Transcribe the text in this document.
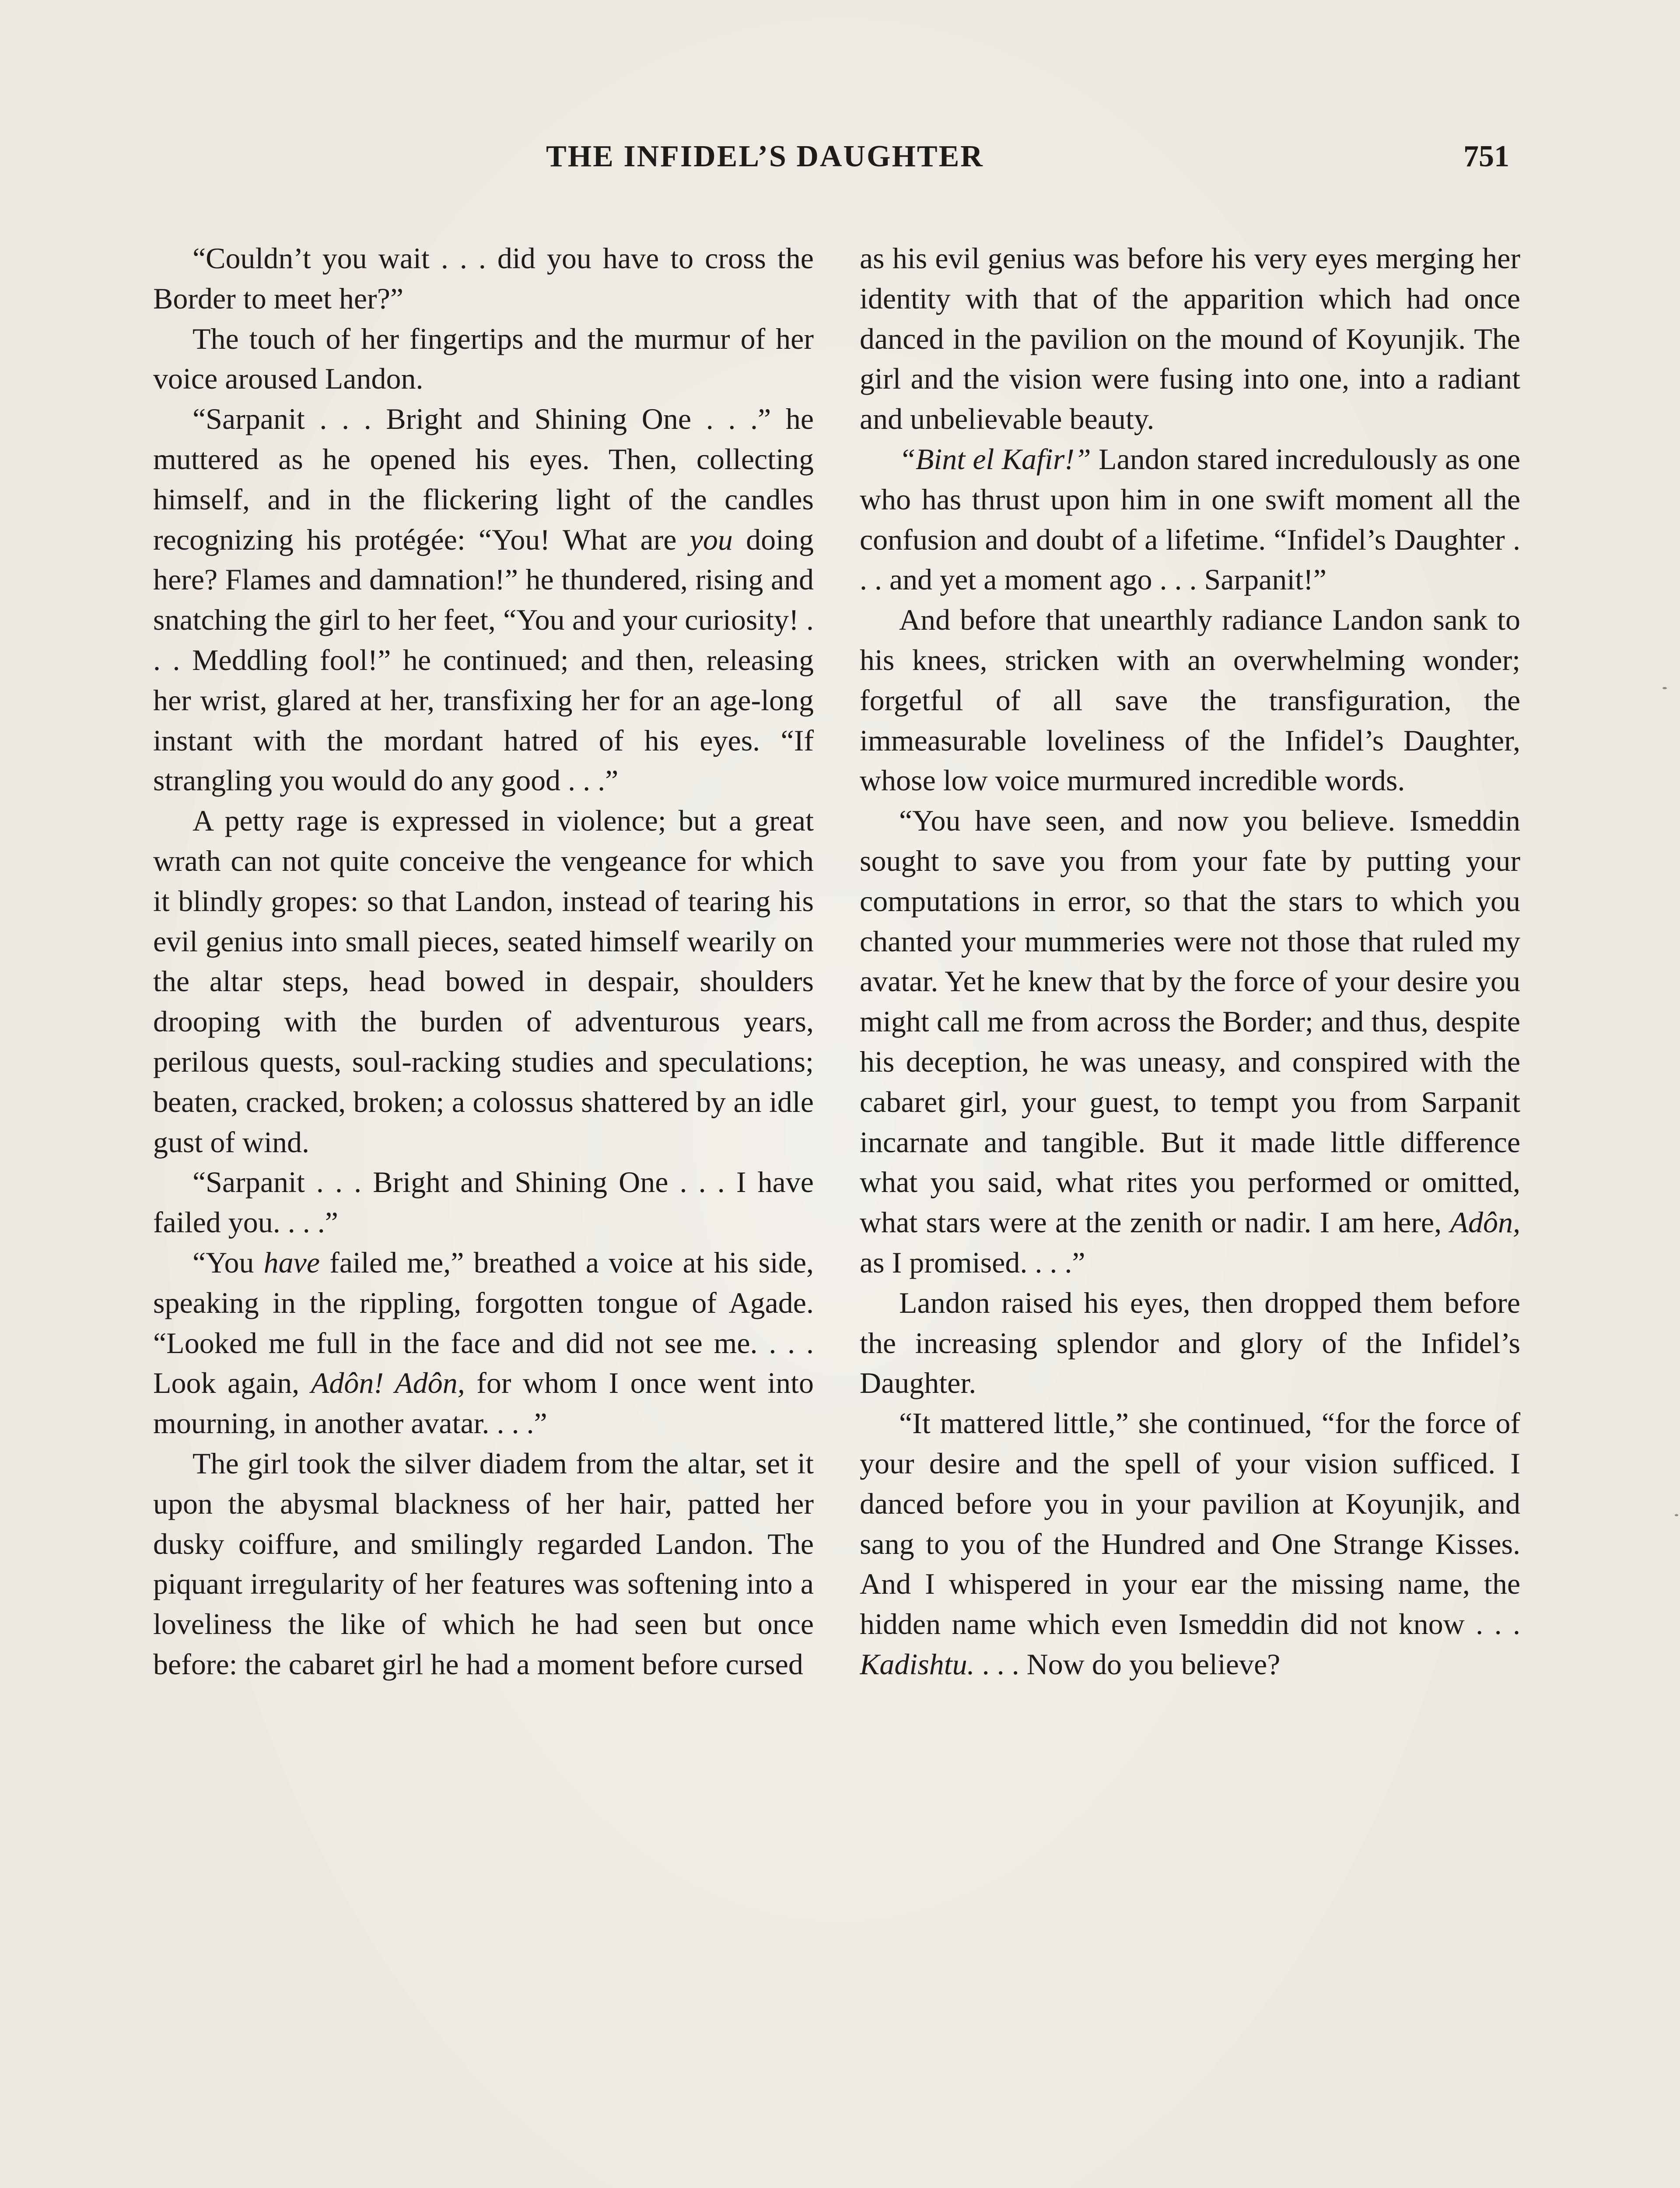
THE INFIDEL’S DAUGHTER	751

“Couldn’t you wait . . . did you have to cross the Border to meet her?”

The touch of her fingertips and the murmur of her voice aroused Landon.

“Sarpanit . . . Bright and Shining One . . .” he muttered as he opened his eyes. Then, collecting himself, and in the flickering light of the candles recognizing his protégée: “You! What are you doing here? Flames and damnation!” he thundered, rising and snatching the girl to her feet, “You and your curiosity! . . . Meddling fool!” he continued; and then, releasing her wrist, glared at her, transfixing her for an age-long instant with the mordant hatred of his eyes. “If strangling you would do any good . . .”

A petty rage is expressed in violence; but a great wrath can not quite conceive the vengeance for which it blindly gropes: so that Landon, instead of tearing his evil genius into small pieces, seated himself wearily on the altar steps, head bowed in despair, shoulders drooping with the burden of adventurous years, perilous quests, soul-racking studies and speculations; beaten, cracked, broken; a colossus shattered by an idle gust of wind.

“Sarpanit . . . Bright and Shining One . . . I have failed you. . . .”

“You have failed me,” breathed a voice at his side, speaking in the rippling, forgotten tongue of Agade. “Looked me full in the face and did not see me. . . . Look again, Adôn! Adôn, for whom I once went into mourning, in another avatar. . . .”

The girl took the silver diadem from the altar, set it upon the abysmal blackness of her hair, patted her dusky coiffure, and smilingly regarded Landon. The piquant irregularity of her features was softening into a loveliness the like of which he had seen but once before: the cabaret girl he had a moment before cursed

as his evil genius was before his very eyes merging her identity with that of the apparition which had once danced in the pavilion on the mound of Koyunjik. The girl and the vision were fusing into one, into a radiant and unbelievable beauty.

“Bint el Kafir!” Landon stared incredulously as one who has thrust upon him in one swift moment all the confusion and doubt of a lifetime. “Infidel’s Daughter . . . and yet a moment ago . . . Sarpanit!”

And before that unearthly radiance Landon sank to his knees, stricken with an overwhelming wonder; forgetful of all save the transfiguration, the immeasurable loveliness of the Infidel’s Daughter, whose low voice murmured incredible words.

“You have seen, and now you believe. Ismeddin sought to save you from your fate by putting your computations in error, so that the stars to which you chanted your mummeries were not those that ruled my avatar. Yet he knew that by the force of your desire you might call me from across the Border; and thus, despite his deception, he was uneasy, and conspired with the cabaret girl, your guest, to tempt you from Sarpanit incarnate and tangible. But it made little difference what you said, what rites you performed or omitted, what stars were at the zenith or nadir. I am here, Adôn, as I promised. . . .”

Landon raised his eyes, then dropped them before the increasing splendor and glory of the Infidel’s Daughter.

“It mattered little,” she continued, “for the force of your desire and the spell of your vision sufficed. I danced before you in your pavilion at Koyunjik, and sang to you of the Hundred and One Strange Kisses. And I whispered in your ear the missing name, the hidden name which even Ismeddin did not know . . . Kadishtu. . . . Now do you believe?
